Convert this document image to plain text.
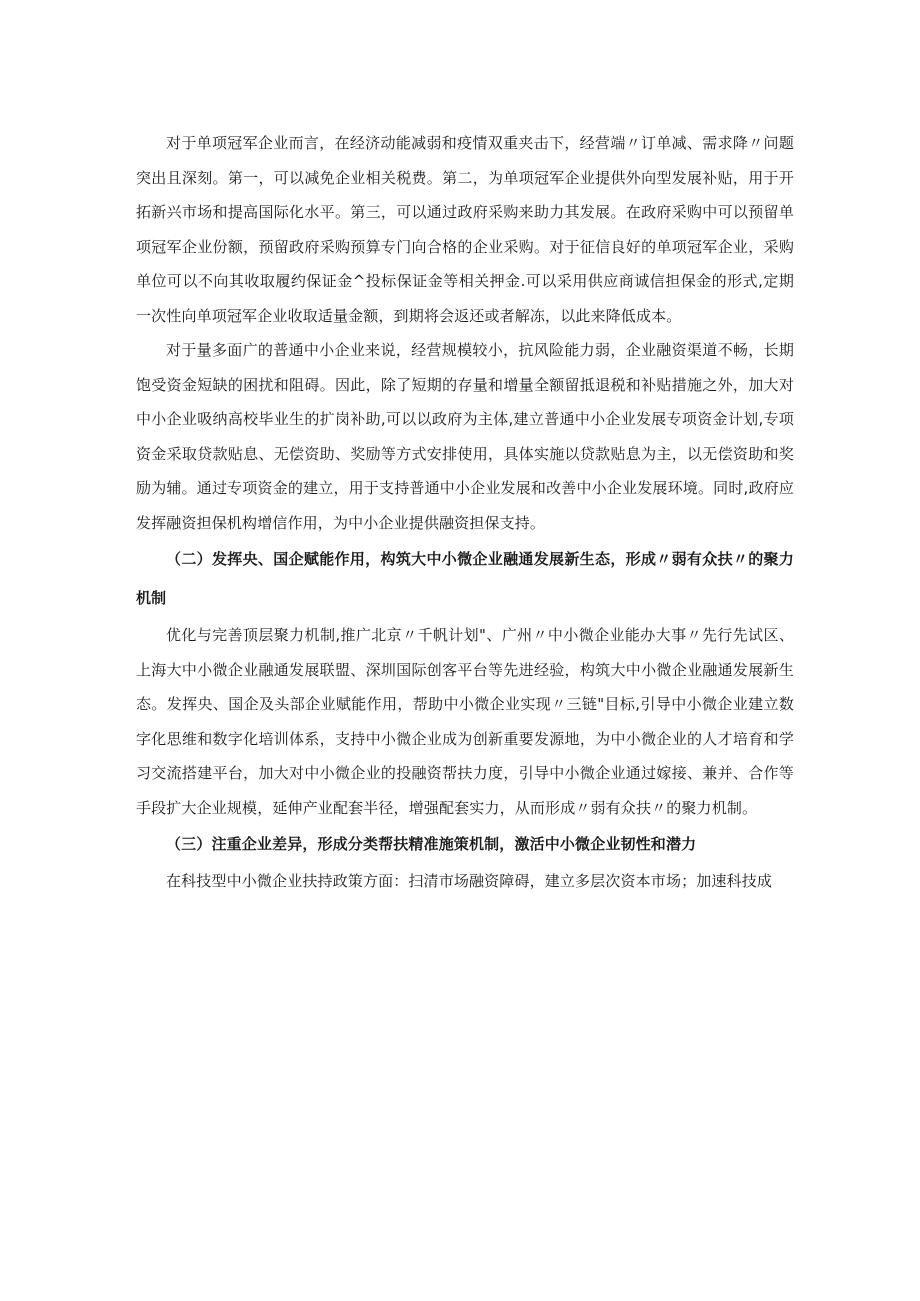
对于单项冠军企业而言，在经济动能减弱和疫情双重夹击下，经营端〃订单减、需求降〃问题突出且深刻。第一，可以减免企业相关税费。第二，为单项冠军企业提供外向型发展补贴，用于开拓新兴市场和提高国际化水平。第三，可以通过政府采购来助力其发展。在政府采购中可以预留单项冠军企业份额，预留政府采购预算专门向合格的企业采购。对于征信良好的单项冠军企业，采购单位可以不向其收取履约保证金^投标保证金等相关押金.可以采用供应商诚信担保金的形式,定期一次性向单项冠军企业收取适量金额，到期将会返还或者解冻，以此来降低成本。

对于量多面广的普通中小企业来说，经营规模较小，抗风险能力弱，企业融资渠道不畅，长期饱受资金短缺的困扰和阻碍。因此，除了短期的存量和增量全额留抵退税和补贴措施之外，加大对中小企业吸纳高校毕业生的扩岗补助,可以以政府为主体,建立普通中小企业发展专项资金计划,专项资金采取贷款贴息、无偿资助、奖励等方式安排使用，具体实施以贷款贴息为主，以无偿资助和奖励为辅。通过专项资金的建立，用于支持普通中小企业发展和改善中小企业发展环境。同时,政府应发挥融资担保机构增信作用，为中小企业提供融资担保支持。

（二）发挥央、国企赋能作用，构筑大中小微企业融通发展新生态，形成〃弱有众扶〃的聚力机制

优化与完善顶层聚力机制,推广北京〃千帆计划"、广州〃中小微企业能办大事〃先行先试区、上海大中小微企业融通发展联盟、深圳国际创客平台等先进经验，构筑大中小微企业融通发展新生态。发挥央、国企及头部企业赋能作用，帮助中小微企业实现〃三链"目标,引导中小微企业建立数字化思维和数字化培训体系，支持中小微企业成为创新重要发源地，为中小微企业的人才培育和学习交流搭建平台，加大对中小微企业的投融资帮扶力度，引导中小微企业通过嫁接、兼并、合作等手段扩大企业规模，延伸产业配套半径，增强配套实力，从而形成〃弱有众扶〃的聚力机制。

（三）注重企业差异，形成分类帮扶精准施策机制，激活中小微企业韧性和潜力

在科技型中小微企业扶持政策方面：扫清市场融资障碍，建立多层次资本市场；加速科技成
